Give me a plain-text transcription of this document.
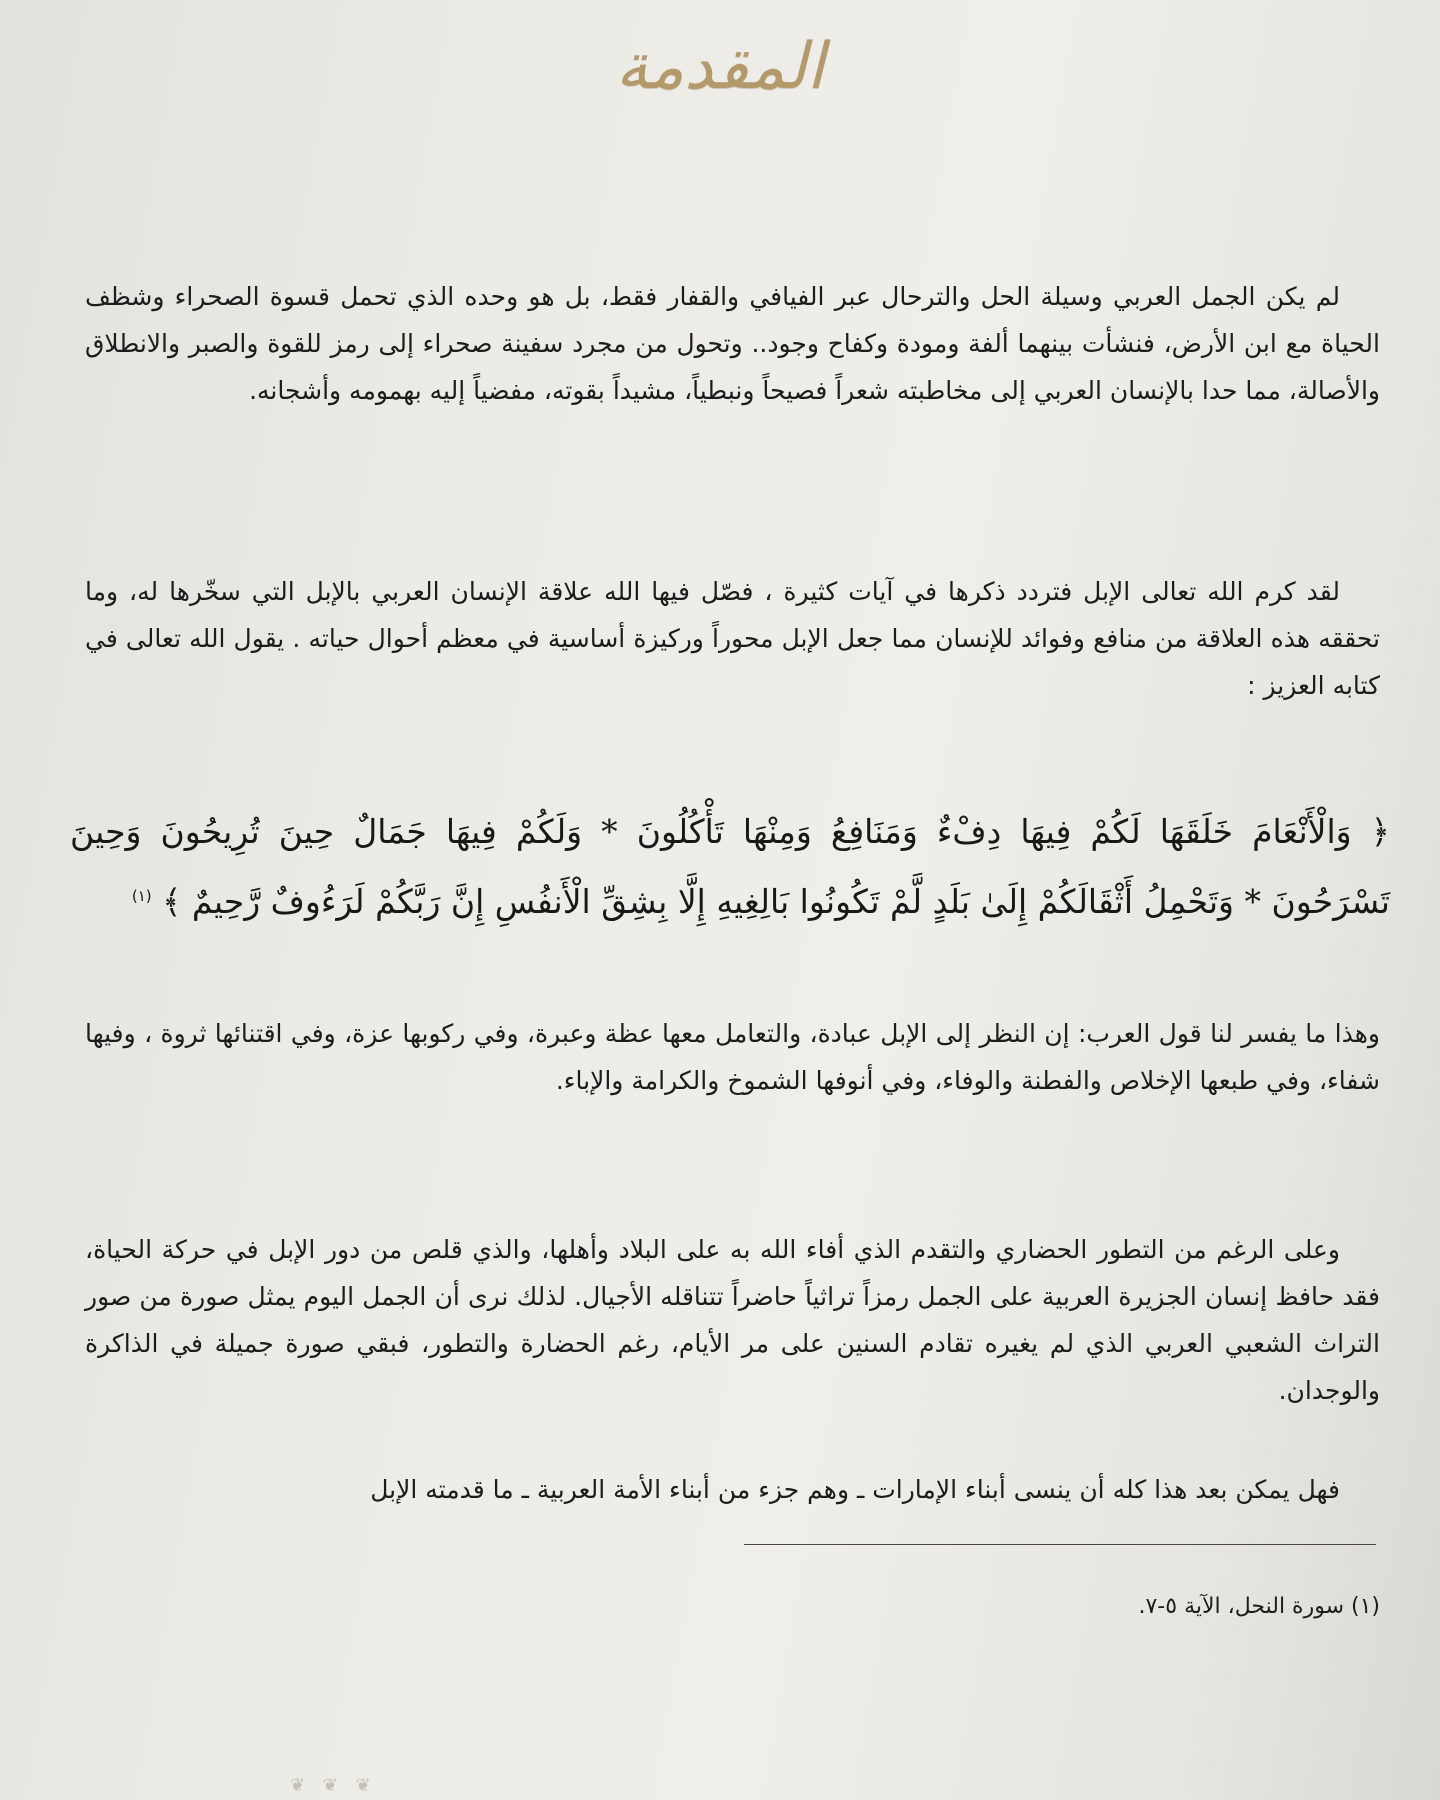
المقدمة

لم يكن الجمل العربي وسيلة الحل والترحال عبر الفيافي والقفار فقط، بل هو وحده الذي تحمل قسوة الصحراء وشظف الحياة مع ابن الأرض، فنشأت بينهما ألفة ومودة وكفاح وجود.. وتحول من مجرد سفينة صحراء إلى رمز للقوة والصبر والانطلاق والأصالة، مما حدا بالإنسان العربي إلى مخاطبته شعراً فصيحاً ونبطياً، مشيداً بقوته، مفضياً إليه بهمومه وأشجانه.

لقد كرم الله تعالى الإبل فتردد ذكرها في آيات كثيرة ، فصّل فيها الله علاقة الإنسان العربي بالإبل التي سخّرها له، وما تحققه هذه العلاقة من منافع وفوائد للإنسان مما جعل الإبل محوراً وركيزة أساسية في معظم أحوال حياته . يقول الله تعالى في كتابه العزيز :

﴿ وَالْأَنْعَامَ خَلَقَهَا لَكُمْ فِيهَا دِفْءٌ وَمَنَافِعُ وَمِنْهَا تَأْكُلُونَ * وَلَكُمْ فِيهَا جَمَالٌ حِينَ تُرِيحُونَ وَحِينَ تَسْرَحُونَ * وَتَحْمِلُ أَثْقَالَكُمْ إِلَىٰ بَلَدٍ لَّمْ تَكُونُوا بَالِغِيهِ إِلَّا بِشِقِّ الْأَنفُسِ إِنَّ رَبَّكُمْ لَرَءُوفٌ رَّحِيمٌ ﴾ $^{(١)}$

وهذا ما يفسر لنا قول العرب: إن النظر إلى الإبل عبادة، والتعامل معها عظة وعبرة، وفي ركوبها عزة، وفي اقتنائها ثروة ، وفيها شفاء، وفي طبعها الإخلاص والفطنة والوفاء، وفي أنوفها الشموخ والكرامة والإباء.

وعلى الرغم من التطور الحضاري والتقدم الذي أفاء الله به على البلاد وأهلها، والذي قلص من دور الإبل في حركة الحياة، فقد حافظ إنسان الجزيرة العربية على الجمل رمزاً تراثياً حاضراً تتناقله الأجيال. لذلك نرى أن الجمل اليوم يمثل صورة من صور التراث الشعبي العربي الذي لم يغيره تقادم السنين على مر الأيام، رغم الحضارة والتطور، فبقي صورة جميلة في الذاكرة والوجدان.

فهل يمكن بعد هذا كله أن ينسى أبناء الإمارات ـ وهم جزء من أبناء الأمة العربية ـ ما قدمته الإبل

(١) سورة النحل، الآية ٥-٧.

❦ ❦ ❦
